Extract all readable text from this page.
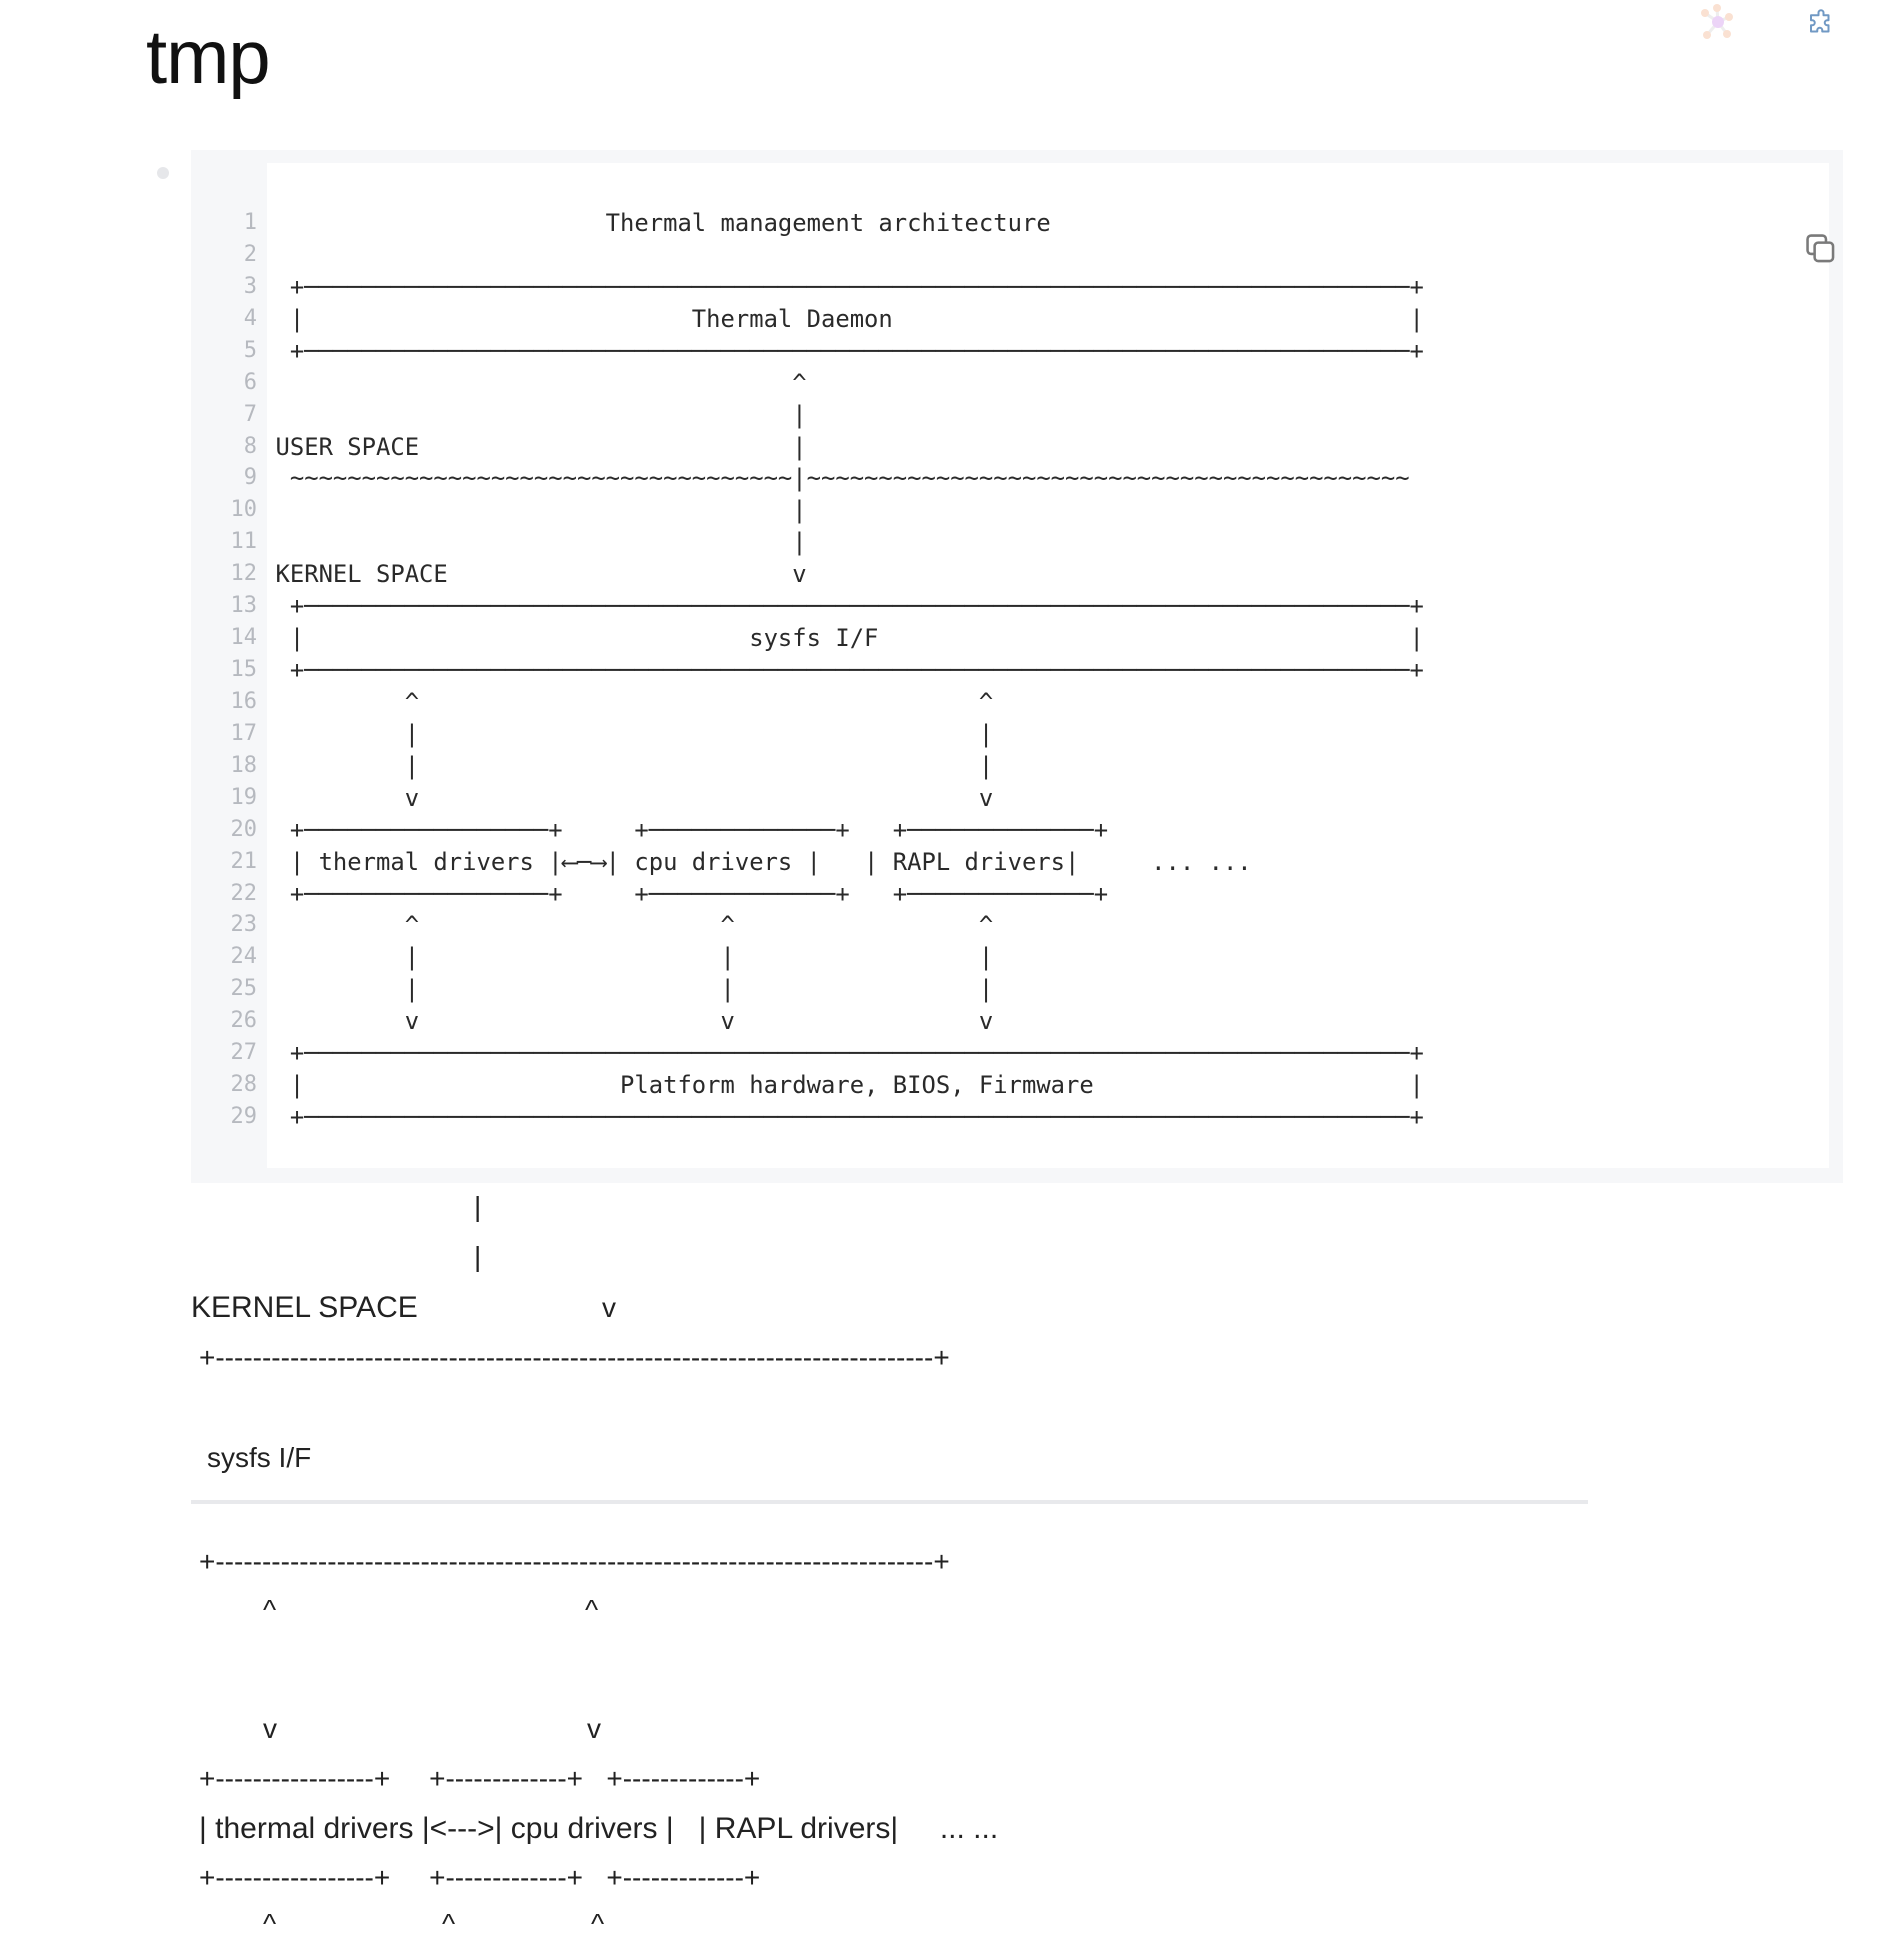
tmp
1 Thermal management architecture
2
3 +─────────────────────────────────────────────────────────────────────────────+
4 |                           Thermal Daemon                                    |
5 +─────────────────────────────────────────────────────────────────────────────+
6 ^
7 |
8 USER SPACE                          |
9 ~~~~~~~~~~~~~~~~~~~~~~~~~~~~~~~~~~~|~~~~~~~~~~~~~~~~~~~~~~~~~~~~~~~~~~~~~~~~~~
10 |
11 |
12 KERNEL SPACE                        v
13 +─────────────────────────────────────────────────────────────────────────────+
14 |                               sysfs I/F                                     |
15 +─────────────────────────────────────────────────────────────────────────────+
16 ^                                       ^
17 |                                       |
18 |                                       |
19 v                                       v
20 +─────────────────+     +─────────────+   +─────────────+
21 | thermal drivers |⟵─⟶| cpu drivers |   | RAPL drivers|     ... ...
22 +─────────────────+     +─────────────+   +─────────────+
23 ^                     ^                 ^
24 |                     |                 |
25 |                     |                 |
26 v                     v                 v
27 +─────────────────────────────────────────────────────────────────────────────+
28 |                      Platform hardware, BIOS, Firmware                      |
29 +─────────────────────────────────────────────────────────────────────────────+
|
|
KERNEL SPACE	v
+-----------------------------------------------------------------------------+
sysfs I/F
+-----------------------------------------------------------------------------+
^	^
v	v
+-----------------+     +-------------+   +-------------+
| thermal drivers |<--->| cpu drivers |   | RAPL drivers|     ... ...
+-----------------+     +-------------+   +-------------+
^	^	^
